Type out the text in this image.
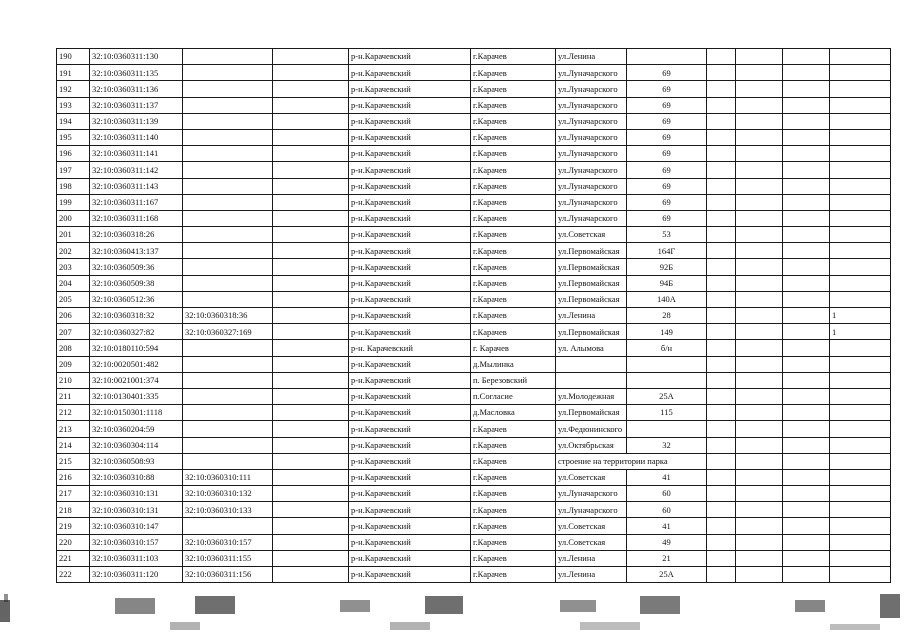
190	32:10:0360311:130			р-н.Карачевский	г.Карачев	ул.Ленина					
191	32:10:0360311:135			р-н.Карачевский	г.Карачев	ул.Луначарского	69				
192	32:10:0360311:136			р-н.Карачевский	г.Карачев	ул.Луначарского	69				
193	32:10:0360311:137			р-н.Карачевский	г.Карачев	ул.Луначарского	69				
194	32:10:0360311:139			р-н.Карачевский	г.Карачев	ул.Луначарского	69				
195	32:10:0360311:140			р-н.Карачевский	г.Карачев	ул.Луначарского	69				
196	32:10:0360311:141			р-н.Карачевский	г.Карачев	ул.Луначарского	69				
197	32:10:0360311:142			р-н.Карачевский	г.Карачев	ул.Луначарского	69				
198	32:10:0360311:143			р-н.Карачевский	г.Карачев	ул.Луначарского	69				
199	32:10:0360311:167			р-н.Карачевский	г.Карачев	ул.Луначарского	69				
200	32:10:0360311:168			р-н.Карачевский	г.Карачев	ул.Луначарского	69				
201	32:10:0360318:26			р-н.Карачевский	г.Карачев	ул.Советская	53				
202	32:10:0360413:137			р-н.Карачевский	г.Карачев	ул.Первомайская	164Г				
203	32:10:0360509:36			р-н.Карачевский	г.Карачев	ул.Первомайская	92Б				
204	32:10:0360509:38			р-н.Карачевский	г.Карачев	ул.Первомайская	94Б				
205	32:10:0360512:36			р-н.Карачевский	г.Карачев	ул.Первомайская	140А				
206	32:10:0360318:32	32:10:0360318:36		р-н.Карачевский	г.Карачев	ул.Ленина	28				1
207	32:10:0360327:82	32:10:0360327:169		р-н.Карачевский	г.Карачев	ул.Первомайская	149				1
208	32:10:0180110:594			р-н. Карачевский	г. Карачев	ул. Алымова	б/н				
209	32:10:0020501:482			р-н.Карачевский	д.Мылинка						
210	32:10:0021001:374			р-н.Карачевский	п. Березовский						
211	32:10:0130401:335			р-н.Карачевский	п.Согласие	ул.Молодежная	25А				
212	32:10:0150301:1118			р-н.Карачевский	д.Масловка	ул.Первомайская	115				
213	32:10:0360204:59			р-н.Карачевский	г.Карачев	ул.Федюнинского					
214	32:10:0360304:114			р-н.Карачевский	г.Карачев	ул.Октябрьская	32				
215	32:10:0360508:93			р-н.Карачевский	г.Карачев	строение на территории парка					
216	32:10:0360310:88	32:10:0360310:111		р-н.Карачевский	г.Карачев	ул.Советская	41				
217	32:10:0360310:131	32:10:0360310:132		р-н.Карачевский	г.Карачев	ул.Луначарского	60				
218	32:10:0360310:131	32:10:0360310:133		р-н.Карачевский	г.Карачев	ул.Луначарского	60				
219	32:10:0360310:147			р-н.Карачевский	г.Карачев	ул.Советская	41				
220	32:10:0360310:157	32:10:0360310:157		р-н.Карачевский	г.Карачев	ул.Советская	49				
221	32:10:0360311:103	32:10:0360311:155		р-н.Карачевский	г.Карачев	ул.Ленина	21				
222	32:10:0360311:120	32:10:0360311:156		р-н.Карачевский	г.Карачев	ул.Ленина	25А				
